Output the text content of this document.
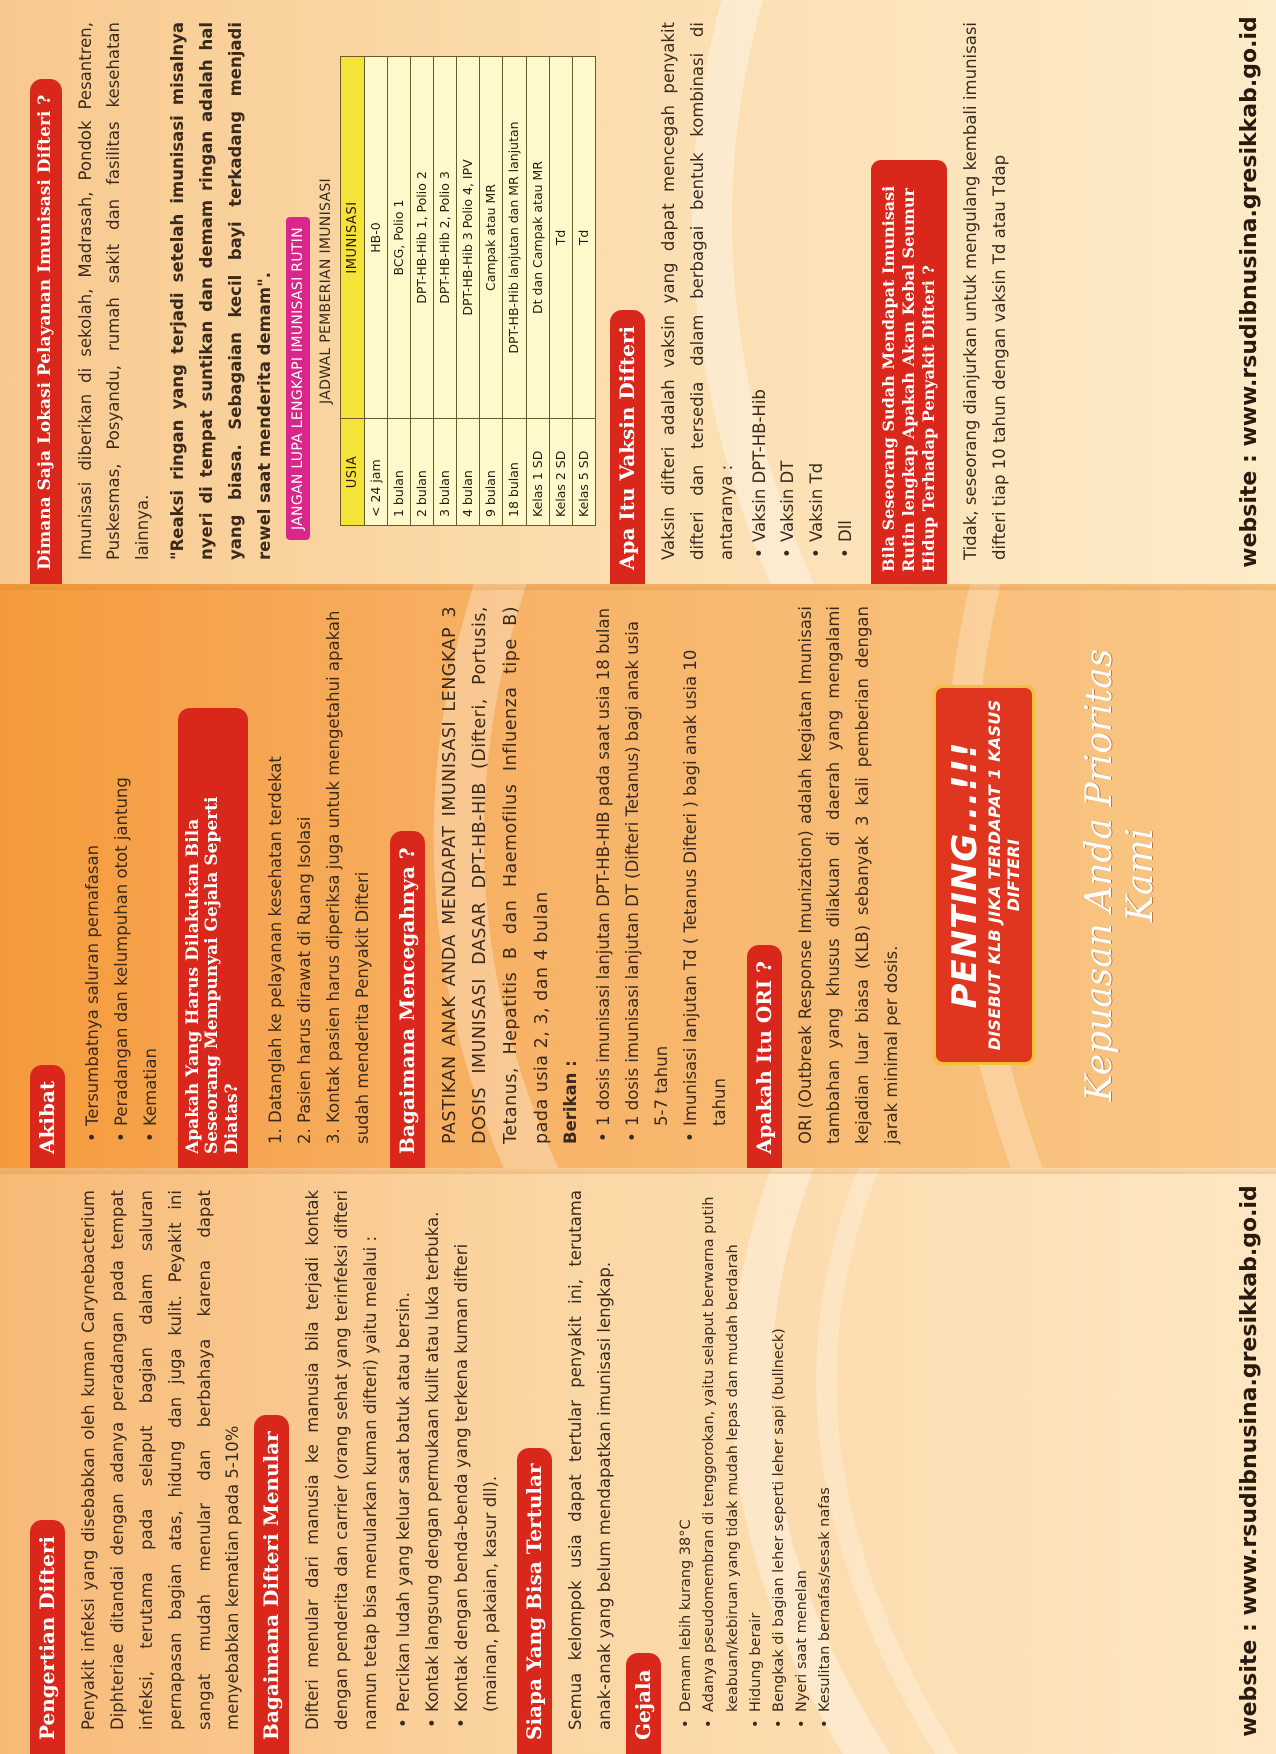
Pengertian Difteri Penyakit infeksi yang disebabkan oleh kuman Carynebacterium Diphteriae ditandai dengan adanya peradangan pada tempat infeksi, terutama pada selaput bagian dalam saluran pernapasan bagian atas, hidung dan juga kulit. Peyakit ini sangat mudah menular dan berbahaya karena dapat menyebabkan kematian pada 5-10% Bagaimana Difteri Menular Difteri menular dari manusia ke manusia bila terjadi kontak dengan penderita dan carrier (orang sehat yang terinfeksi difteri namun tetap bisa menularkan kuman difteri) yaitu melalui : • Percikan ludah yang keluar saat batuk atau bersin. • Kontak langsung dengan permukaan kulit atau luka terbuka. • Kontak dengan benda-benda yang terkena kuman difteri (mainan, pakaian, kasur dll). Siapa Yang Bisa Tertular Semua kelompok usia dapat tertular penyakit ini, terutama anak-anak yang belum mendapatkan imunisasi lengkap. Gejala • Demam lebih kurang 38°C • Adanya pseudomembran di tenggorokan, yaitu selaput berwarna putih keabuan/kebiruan yang tidak mudah lepas dan mudah berdarah • Hidung berair • Bengkak di bagian leher seperti leher sapi (bullneck) • Nyeri saat menelan • Kesulitan bernafas/sesak nafas	website : www.rsudibnusina.gresikkab.go.id
Akibat • Tersumbatnya saluran pernafasan • Peradangan dan kelumpuhan otot jantung • Kematian	Apakah Yang Harus Dilakukan Bila Seseorang Mempunyai Gejala Seperti Diatas? 1. Datanglah ke pelayanan kesehatan terdekat 2. Pasien harus dirawat di Ruang Isolasi 3. Kontak pasien harus diperiksa juga untuk mengetahui apakah sudah menderita Penyakit Difteri Bagaimana Mencegahnya ? PASTIKAN ANAK ANDA MENDAPAT IMUNISASI LENGKAP 3 DOSIS IMUNISASI DASAR DPT-HB-HIB (Difteri, Portusis, Tetanus, Hepatitis B dan Haemofilus Influenza tipe B) pada usia 2, 3, dan 4 bulan Berikan : • 1 dosis imunisasi lanjutan DPT-HB-HIB pada saat usia 18 bulan • 1 dosis imunisasi lanjutan DT (Difteri Tetanus) bagi anak usia 5-7 tahun • Imunisasi lanjutan Td ( Tetanus Difteri ) bagi anak usia 10 tahun Apakah Itu ORI ? ORI (Outbreak Response Imunization) adalah kegiatan Imunisasi tambahan yang khusus dilakuan di daerah yang mengalami kejadian luar biasa (KLB) sebanyak 3 kali pemberian dengan jarak minimal per dosis.

PENTING...!!! DISEBUT KLB JIKA TERDAPAT 1 KASUS DIFTERI Kepuasan Anda Prioritas Kami
Dimana Saja Lokasi Pelayanan Imunisasi Difteri ? Imunisasi diberikan di sekolah, Madrasah, Pondok Pesantren, Puskesmas, Posyandu, rumah sakit dan fasilitas kesehatan lainnya. "Reaksi ringan yang terjadi setelah imunisasi misalnya nyeri di tempat suntikan dan demam ringan adalah hal yang biasa. Sebagaian kecil bayi terkadang menjadi rewel saat menderita demam".	JANGAN LUPA LENGKAPI IMUNISASI RUTIN JADWAL PEMBERIAN IMUNISASI
USIA	IMUNISASI
< 24 jam	HB-0
1 bulan	BCG, Polio 1
2 bulan	DPT-HB-Hib 1, Polio 2
3 bulan	DPT-HB-Hib 2, Polio 3
4 bulan	DPT-HB-Hib 3 Polio 4, IPV
9 bulan	Campak atau MR
18 bulan	DPT-HB-Hib lanjutan dan MR lanjutan
Kelas 1 SD	Dt dan Campak atau MR
Kelas 2 SD	Td
Kelas 5 SD	Td
Apa Itu Vaksin Difteri Vaksin difteri adalah vaksin yang dapat mencegah penyakit difteri dan tersedia dalam berbagai bentuk kombinasi di antaranya : • Vaksin DPT-HB-Hib • Vaksin DT • Vaksin Td • Dll	Bila Seseorang Sudah Mendapat Imunisasi Rutin lengkap Apakah Akan Kebal Seumur Hidup Terhadap Penyakit Difteri ?	Tidak, seseorang dianjurkan untuk mengulang kembali imunisasi difteri tiap 10 tahun dengan vaksin Td atau Tdap	website : www.rsudibnusina.gresikkab.go.id
